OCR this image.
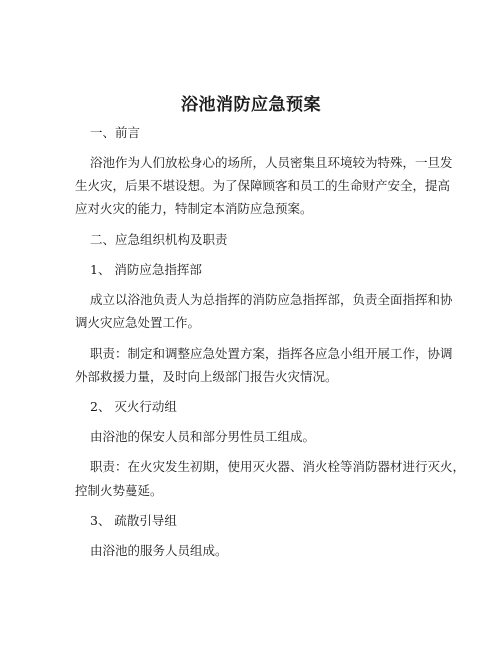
浴池消防应急预案
一、前言
浴池作为人们放松身心的场所，人员密集且环境较为特殊，一旦发
生火灾，后果不堪设想。为了保障顾客和员工的生命财产安全，提高
应对火灾的能力，特制定本消防应急预案。
二、应急组织机构及职责
1、 消防应急指挥部
成立以浴池负责人为总指挥的消防应急指挥部，负责全面指挥和协
调火灾应急处置工作。
职责：制定和调整应急处置方案，指挥各应急小组开展工作，协调
外部救援力量，及时向上级部门报告火灾情况。
2、 灭火行动组
由浴池的保安人员和部分男性员工组成。
职责：在火灾发生初期，使用灭火器、消火栓等消防器材进行灭火，
控制火势蔓延。
3、 疏散引导组
由浴池的服务人员组成。
